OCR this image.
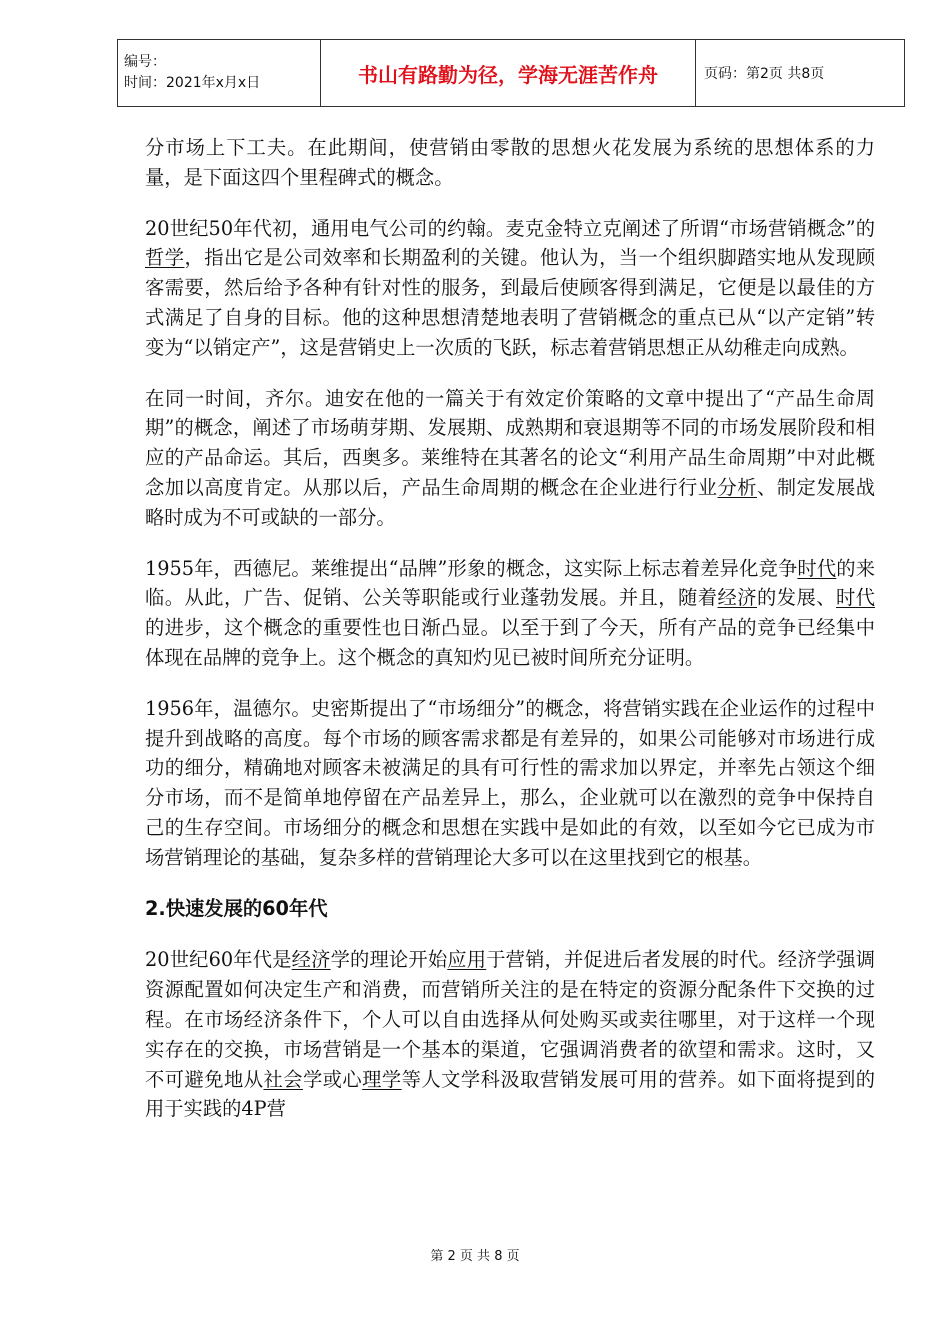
编号：
时间：2021年x月x日	书山有路勤为径，学海无涯苦作舟	页码：第2页 共8页

分市场上下工夫。在此期间，使营销由零散的思想火花发展为系统的思想体系的力量，是下面这四个里程碑式的概念。

20世纪50年代初，通用电气公司的约翰。麦克金特立克阐述了所谓“市场营销概念”的哲学，指出它是公司效率和长期盈利的关键。他认为，当一个组织脚踏实地从发现顾客需要，然后给予各种有针对性的服务，到最后使顾客得到满足，它便是以最佳的方式满足了自身的目标。他的这种思想清楚地表明了营销概念的重点已从“以产定销”转变为“以销定产”，这是营销史上一次质的飞跃，标志着营销思想正从幼稚走向成熟。

在同一时间，齐尔。迪安在他的一篇关于有效定价策略的文章中提出了“产品生命周期”的概念，阐述了市场萌芽期、发展期、成熟期和衰退期等不同的市场发展阶段和相应的产品命运。其后，西奥多。莱维特在其著名的论文“利用产品生命周期”中对此概念加以高度肯定。从那以后，产品生命周期的概念在企业进行行业分析、制定发展战略时成为不可或缺的一部分。

1955年，西德尼。莱维提出“品牌”形象的概念，这实际上标志着差异化竞争时代的来临。从此，广告、促销、公关等职能或行业蓬勃发展。并且，随着经济的发展、时代的进步，这个概念的重要性也日渐凸显。以至于到了今天，所有产品的竞争已经集中体现在品牌的竞争上。这个概念的真知灼见已被时间所充分证明。

1956年，温德尔。史密斯提出了“市场细分”的概念，将营销实践在企业运作的过程中提升到战略的高度。每个市场的顾客需求都是有差异的，如果公司能够对市场进行成功的细分，精确地对顾客未被满足的具有可行性的需求加以界定，并率先占领这个细分市场，而不是简单地停留在产品差异上，那么，企业就可以在激烈的竞争中保持自己的生存空间。市场细分的概念和思想在实践中是如此的有效，以至如今它已成为市场营销理论的基础，复杂多样的营销理论大多可以在这里找到它的根基。

2.快速发展的60年代

20世纪60年代是经济学的理论开始应用于营销，并促进后者发展的时代。经济学强调资源配置如何决定生产和消费，而营销所关注的是在特定的资源分配条件下交换的过程。在市场经济条件下，个人可以自由选择从何处购买或卖往哪里，对于这样一个现实存在的交换，市场营销是一个基本的渠道，它强调消费者的欲望和需求。这时，又不可避免地从社会学或心理学等人文学科汲取营销发展可用的营养。如下面将提到的用于实践的4P营

第 2 页 共 8 页
